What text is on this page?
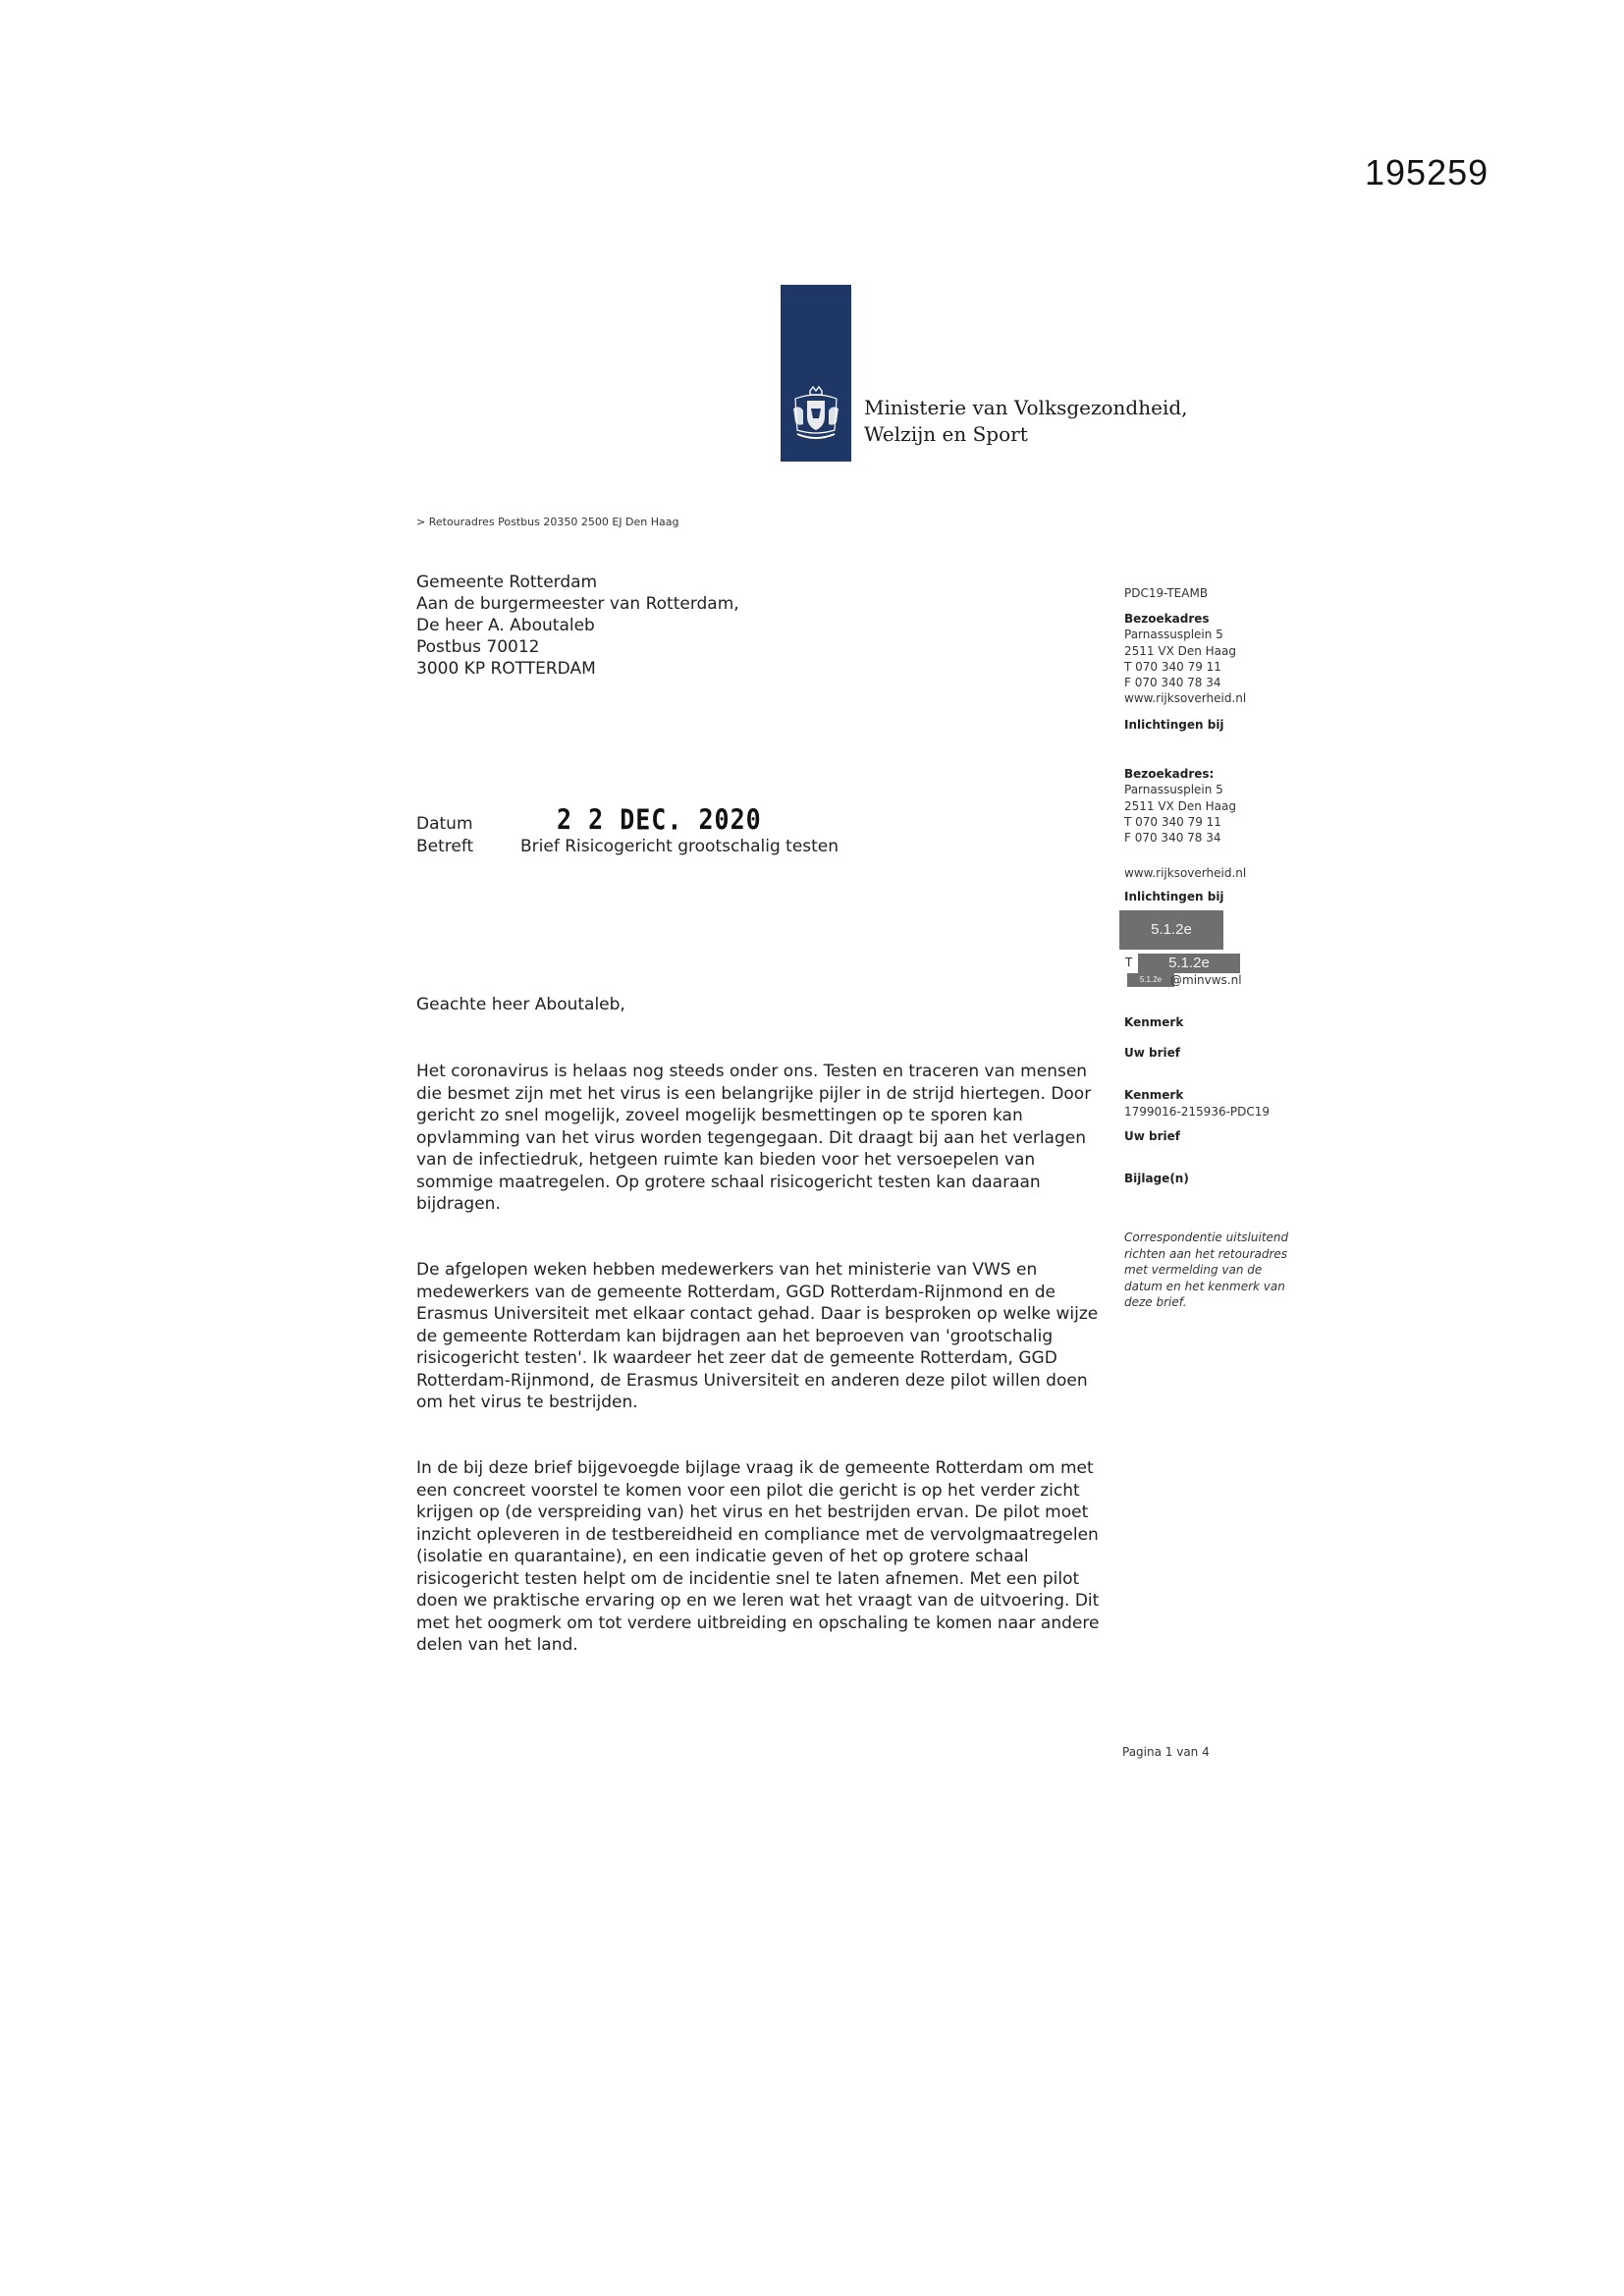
195259
Ministerie van Volksgezondheid,
Welzijn en Sport
> Retouradres Postbus 20350 2500 EJ Den Haag
Gemeente Rotterdam
Aan de burgermeester van Rotterdam,
De heer A. Aboutaleb
Postbus 70012
3000 KP ROTTERDAM
Datum	2 2 DEC. 2020
Betreft	Brief Risicogericht grootschalig testen
Geachte heer Aboutaleb,
Het coronavirus is helaas nog steeds onder ons. Testen en traceren van mensen
die besmet zijn met het virus is een belangrijke pijler in de strijd hiertegen. Door
gericht zo snel mogelijk, zoveel mogelijk besmettingen op te sporen kan
opvlamming van het virus worden tegengegaan. Dit draagt bij aan het verlagen
van de infectiedruk, hetgeen ruimte kan bieden voor het versoepelen van
sommige maatregelen. Op grotere schaal risicogericht testen kan daaraan
bijdragen.
De afgelopen weken hebben medewerkers van het ministerie van VWS en
medewerkers van de gemeente Rotterdam, GGD Rotterdam-Rijnmond en de
Erasmus Universiteit met elkaar contact gehad. Daar is besproken op welke wijze
de gemeente Rotterdam kan bijdragen aan het beproeven van 'grootschalig
risicogericht testen'. Ik waardeer het zeer dat de gemeente Rotterdam, GGD
Rotterdam-Rijnmond, de Erasmus Universiteit en anderen deze pilot willen doen
om het virus te bestrijden.
In de bij deze brief bijgevoegde bijlage vraag ik de gemeente Rotterdam om met
een concreet voorstel te komen voor een pilot die gericht is op het verder zicht
krijgen op (de verspreiding van) het virus en het bestrijden ervan. De pilot moet
inzicht opleveren in de testbereidheid en compliance met de vervolgmaatregelen
(isolatie en quarantaine), en een indicatie geven of het op grotere schaal
risicogericht testen helpt om de incidentie snel te laten afnemen. Met een pilot
doen we praktische ervaring op en we leren wat het vraagt van de uitvoering. Dit
met het oogmerk om tot verdere uitbreiding en opschaling te komen naar andere
delen van het land.
PDC19-TEAMB
Bezoekadres
Parnassusplein 5
2511 VX Den Haag
T 070 340 79 11
F 070 340 78 34
www.rijksoverheid.nl
Inlichtingen bij
Bezoekadres:
Parnassusplein 5
2511 VX Den Haag
T 070 340 79 11
F 070 340 78 34
www.rijksoverheid.nl
Inlichtingen bij
5.1.2e
T	5.1.2e
5.1.2e @minvws.nl
Kenmerk
Uw brief
Kenmerk
1799016-215936-PDC19
Uw brief
Bijlage(n)
Correspondentie uitsluitend
richten aan het retouradres
met vermelding van de
datum en het kenmerk van
deze brief.
Pagina 1 van 4
